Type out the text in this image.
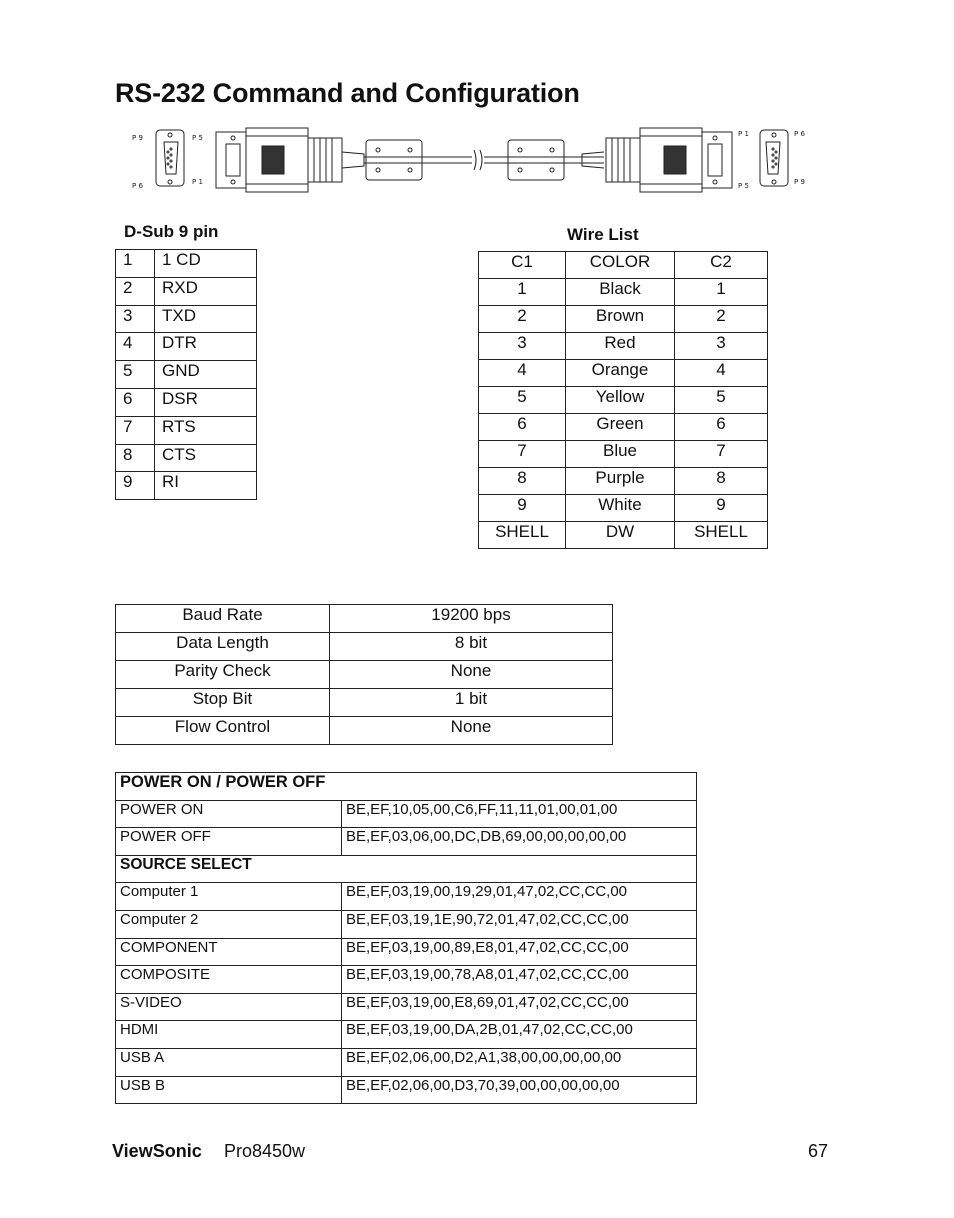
RS-232 Command and Configuration
P 9	P 5
P 6	P 1
P 1	P 6
P 5	P 9
D-Sub 9 pin
1	1 CD
2	RXD
3	TXD
4	DTR
5	GND
6	DSR
7	RTS
8	CTS
9	RI
Wire List
C1	COLOR	C2
1	Black	1
2	Brown	2
3	Red	3
4	Orange	4
5	Yellow	5
6	Green	6
7	Blue	7
8	Purple	8
9	White	9
SHELL	DW	SHELL
Baud Rate	19200 bps
Data Length	8 bit
Parity Check	None
Stop Bit	1 bit
Flow Control	None
POWER ON / POWER OFF	
POWER ON	BE,EF,10,05,00,C6,FF,11,11,01,00,01,00
POWER OFF	BE,EF,03,06,00,DC,DB,69,00,00,00,00,00
SOURCE SELECT	
Computer 1	BE,EF,03,19,00,19,29,01,47,02,CC,CC,00
Computer 2	BE,EF,03,19,1E,90,72,01,47,02,CC,CC,00
COMPONENT	BE,EF,03,19,00,89,E8,01,47,02,CC,CC,00
COMPOSITE	BE,EF,03,19,00,78,A8,01,47,02,CC,CC,00
S-VIDEO	BE,EF,03,19,00,E8,69,01,47,02,CC,CC,00
HDMI	BE,EF,03,19,00,DA,2B,01,47,02,CC,CC,00
USB A	BE,EF,02,06,00,D2,A1,38,00,00,00,00,00
USB B	BE,EF,02,06,00,D3,70,39,00,00,00,00,00
ViewSonic Pro8450w	67
